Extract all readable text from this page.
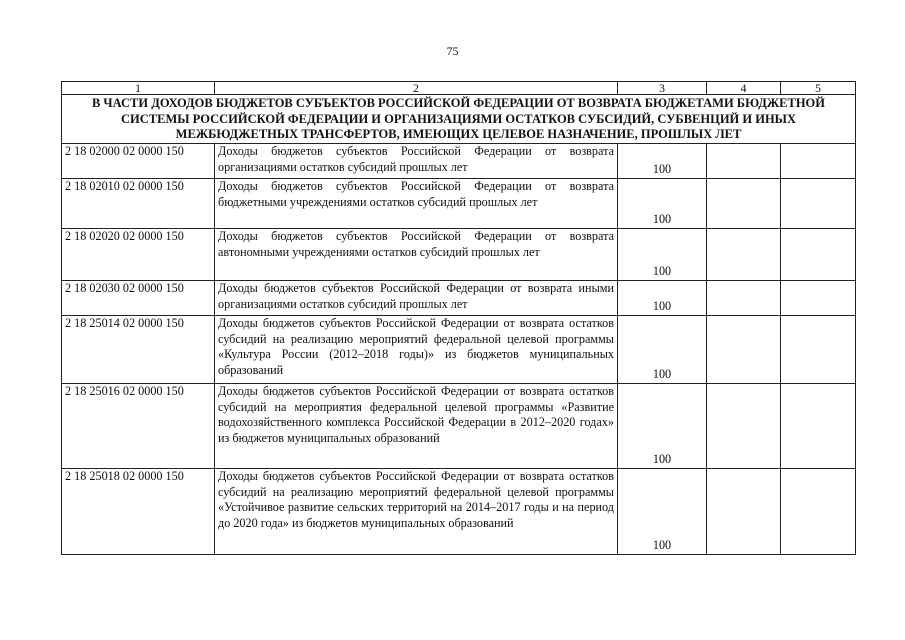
75
1	2	3	4	5
В ЧАСТИ ДОХОДОВ БЮДЖЕТОВ СУБЪЕКТОВ РОССИЙСКОЙ ФЕДЕРАЦИИ ОТ ВОЗВРАТА БЮДЖЕТАМИ БЮДЖЕТНОЙ СИСТЕМЫ РОССИЙСКОЙ ФЕДЕРАЦИИ И ОРГАНИЗАЦИЯМИ ОСТАТКОВ СУБСИДИЙ, СУБВЕНЦИЙ И ИНЫХ МЕЖБЮДЖЕТНЫХ ТРАНСФЕРТОВ, ИМЕЮЩИХ ЦЕЛЕВОЕ НАЗНАЧЕНИЕ, ПРОШЛЫХ ЛЕТ				
2 18 02000 02 0000 150	Доходы бюджетов субъектов Российской Федерации от возврата организациями остатков субсидий прошлых лет	100		
2 18 02010 02 0000 150	Доходы бюджетов субъектов Российской Федерации от возврата бюджетными учреждениями остатков субсидий прошлых лет	100		
2 18 02020 02 0000 150	Доходы бюджетов субъектов Российской Федерации от возврата автономными учреждениями остатков субсидий прошлых лет	100		
2 18 02030 02 0000 150	Доходы бюджетов субъектов Российской Федерации от возврата иными организациями остатков субсидий прошлых лет	100		
2 18 25014 02 0000 150	Доходы бюджетов субъектов Российской Федерации от возврата остатков субсидий на реализацию мероприятий федеральной целевой программы «Культура России (2012–2018 годы)» из бюджетов муниципальных образований	100		
2 18 25016 02 0000 150	Доходы бюджетов субъектов Российской Федерации от возврата остатков субсидий на мероприятия федеральной целевой программы «Развитие водохозяйственного комплекса Российской Федерации в 2012–2020 годах» из бюджетов муниципальных образований	100		
2 18 25018 02 0000 150	Доходы бюджетов субъектов Российской Федерации от возврата остатков субсидий на реализацию мероприятий федеральной целевой программы «Устойчивое развитие сельских территорий на 2014–2017 годы и на период до 2020 года» из бюджетов муниципальных образований	100		
